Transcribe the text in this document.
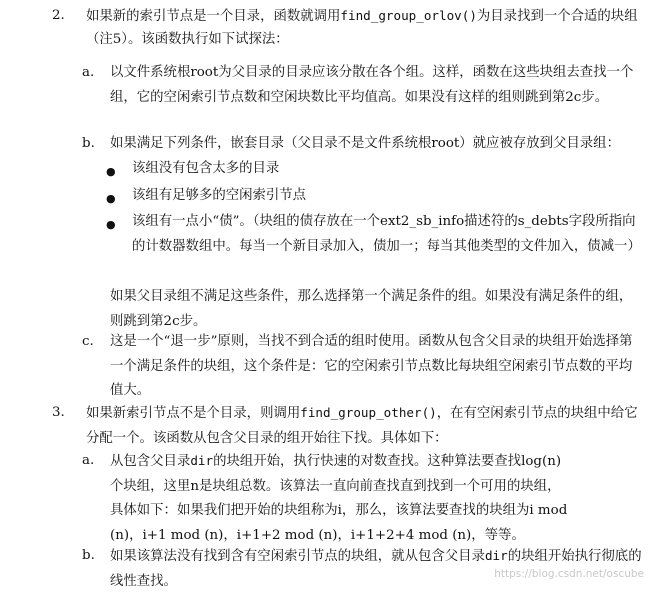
2.	如果新的索引节点是一个目录，函数就调用find_group_orlov()为目录找到一个合适的块组（注5）。该函数执行如下试探法：
a.	以文件系统根root为父目录的目录应该分散在各个组。这样，函数在这些块组去查找一个组，它的空闲索引节点数和空闲块数比平均值高。如果没有这样的组则跳到第2c步。
b.	如果满足下列条件，嵌套目录（父目录不是文件系统根root）就应被存放到父目录组：
● 该组没有包含太多的目录
● 该组有足够多的空闲索引节点
● 该组有一点小“债”。（块组的债存放在一个ext2_sb_info描述符的s_debts字段所指向的计数器数组中。每当一个新目录加入，债加一；每当其他类型的文件加入，债减一）
如果父目录组不满足这些条件，那么选择第一个满足条件的组。如果没有满足条件的组，则跳到第2c步。
c.	这是一个“退一步”原则，当找不到合适的组时使用。函数从包含父目录的块组开始选择第一个满足条件的块组，这个条件是：它的空闲索引节点数比每块组空闲索引节点数的平均值大。
3.	如果新索引节点不是个目录，则调用find_group_other()，在有空闲索引节点的块组中给它分配一个。该函数从包含父目录的组开始往下找。具体如下：
a.	从包含父目录dir的块组开始，执行快速的对数查找。这种算法要查找log(n)
个块组，这里n是块组总数。该算法一直向前查找直到找到一个可用的块组，
具体如下：如果我们把开始的块组称为i，那么，该算法要查找的块组为i mod
(n)，i+1 mod (n)，i+1+2 mod (n)，i+1+2+4 mod (n)，等等。
b.	如果该算法没有找到含有空闲索引节点的块组，就从包含父目录dir的块组开始执行彻底的线性查找。	https://blog.csdn.net/oscube
